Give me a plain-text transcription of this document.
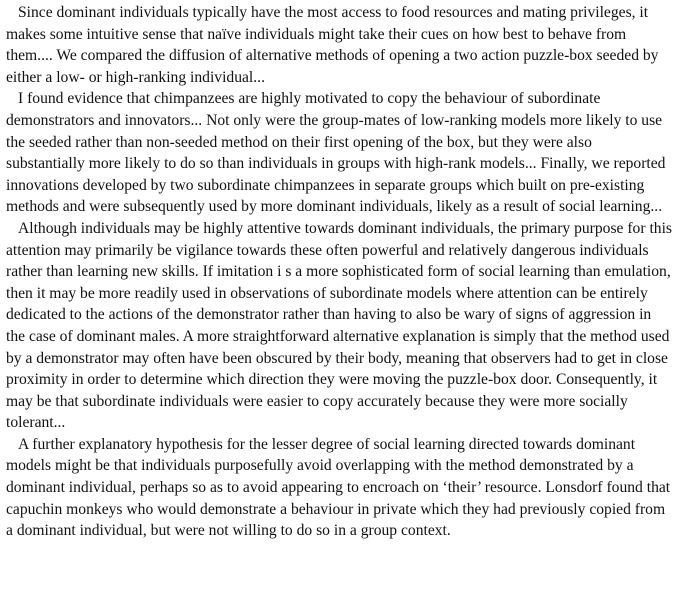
Since dominant individuals typically have the most access to food resources and mating privileges, it makes some intuitive sense that naïve individuals might take their cues on how best to behave from them.... We compared the diffusion of alternative methods of opening a two action puzzle-box seeded by either a low- or high-ranking individual...

I found evidence that chimpanzees are highly motivated to copy the behaviour of subordinate demonstrators and innovators... Not only were the group-mates of low-ranking models more likely to use the seeded rather than non-seeded method on their first opening of the box, but they were also substantially more likely to do so than individuals in groups with high-rank models... Finally, we reported innovations developed by two subordinate chimpanzees in separate groups which built on pre-existing methods and were subsequently used by more dominant individuals, likely as a result of social learning...

Although individuals may be highly attentive towards dominant individuals, the primary purpose for this attention may primarily be vigilance towards these often powerful and relatively dangerous individuals rather than learning new skills. If imitation i s a more sophisticated form of social learning than emulation, then it may be more readily used in observations of subordinate models where attention can be entirely dedicated to the actions of the demonstrator rather than having to also be wary of signs of aggression in the case of dominant males. A more straightforward alternative explanation is simply that the method used by a demonstrator may often have been obscured by their body, meaning that observers had to get in close proximity in order to determine which direction they were moving the puzzle-box door. Consequently, it may be that subordinate individuals were easier to copy accurately because they were more socially tolerant...

A further explanatory hypothesis for the lesser degree of social learning directed towards dominant models might be that individuals purposefully avoid overlapping with the method demonstrated by a dominant individual, perhaps so as to avoid appearing to encroach on ‘their’ resource. Lonsdorf found that capuchin monkeys who would demonstrate a behaviour in private which they had previously copied from a dominant individual, but were not willing to do so in a group context.
